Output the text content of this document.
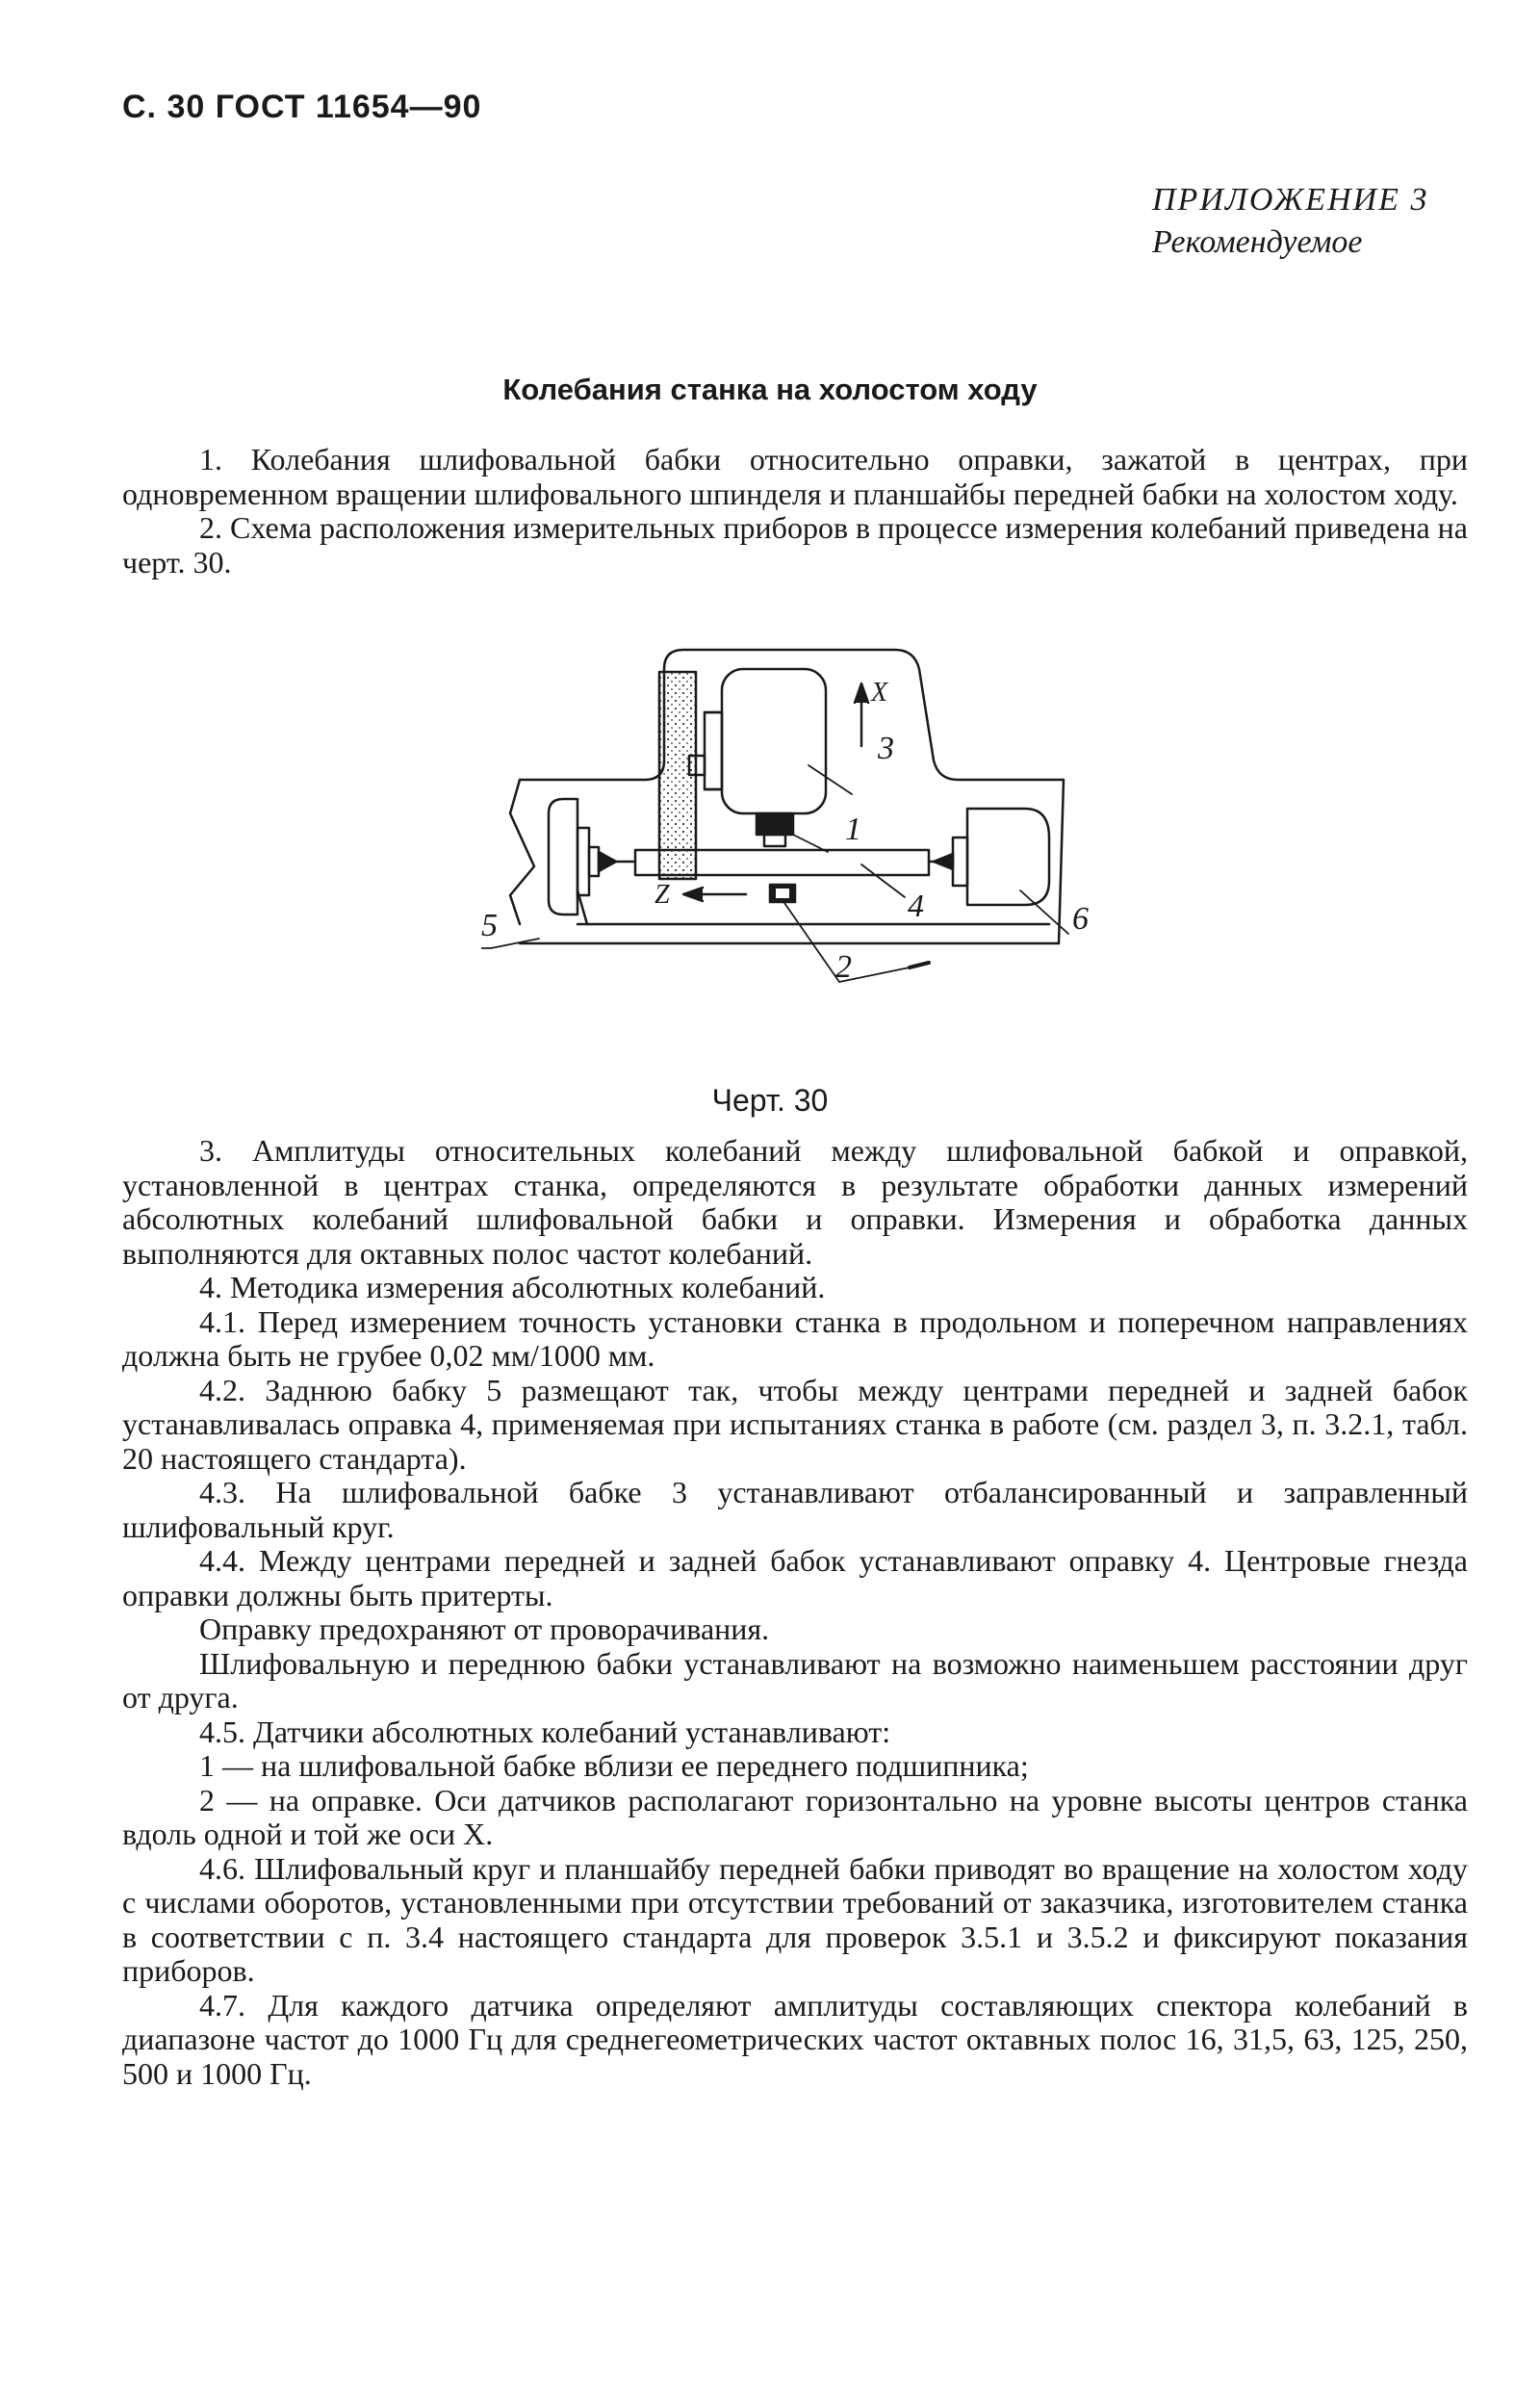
С. 30 ГОСТ 11654—90
ПРИЛОЖЕНИЕ 3
Рекомендуемое
Колебания станка на холостом ходу

1. Колебания шлифовальной бабки относительно оправки, зажатой в центрах, при одновременном вращении шлифовального шпинделя и планшайбы передней бабки на холостом ходу.

2. Схема расположения измерительных приборов в процессе измерения колебаний приведена на черт. 30.

3
1
4
5	6
2
X
Z
Черт. 30

3. Амплитуды относительных колебаний между шлифовальной бабкой и оправкой, установленной в центрах станка, определяются в результате обработки данных измерений абсолютных колебаний шлифовальной бабки и оправки. Измерения и обработка данных выполняются для октавных полос частот колебаний.

4. Методика измерения абсолютных колебаний.

4.1. Перед измерением точность установки станка в продольном и поперечном направлениях должна быть не грубее 0,02 мм/1000 мм.

4.2. Заднюю бабку 5 размещают так, чтобы между центрами передней и задней бабок устанавливалась оправка 4, применяемая при испытаниях станка в работе (см. раздел 3, п. 3.2.1, табл. 20 настоящего стандарта).

4.3. На шлифовальной бабке 3 устанавливают отбалансированный и заправленный шлифовальный круг.

4.4. Между центрами передней и задней бабок устанавливают оправку 4. Центровые гнезда оправки должны быть притерты.

Оправку предохраняют от проворачивания.

Шлифовальную и переднюю бабки устанавливают на возможно наименьшем расстоянии друг от друга.

4.5. Датчики абсолютных колебаний устанавливают:

1 — на шлифовальной бабке вблизи ее переднего подшипника;

2 — на оправке. Оси датчиков располагают горизонтально на уровне высоты центров станка вдоль одной и той же оси X.

4.6. Шлифовальный круг и планшайбу передней бабки приводят во вращение на холостом ходу с числами оборотов, установленными при отсутствии требований от заказчика, изготовителем станка в соответствии с п. 3.4 настоящего стандарта для проверок 3.5.1 и 3.5.2 и фиксируют показания приборов.

4.7. Для каждого датчика определяют амплитуды составляющих спектора колебаний в диапазоне частот до 1000 Гц для среднегеометрических частот октавных полос 16, 31,5, 63, 125, 250, 500 и 1000 Гц.
